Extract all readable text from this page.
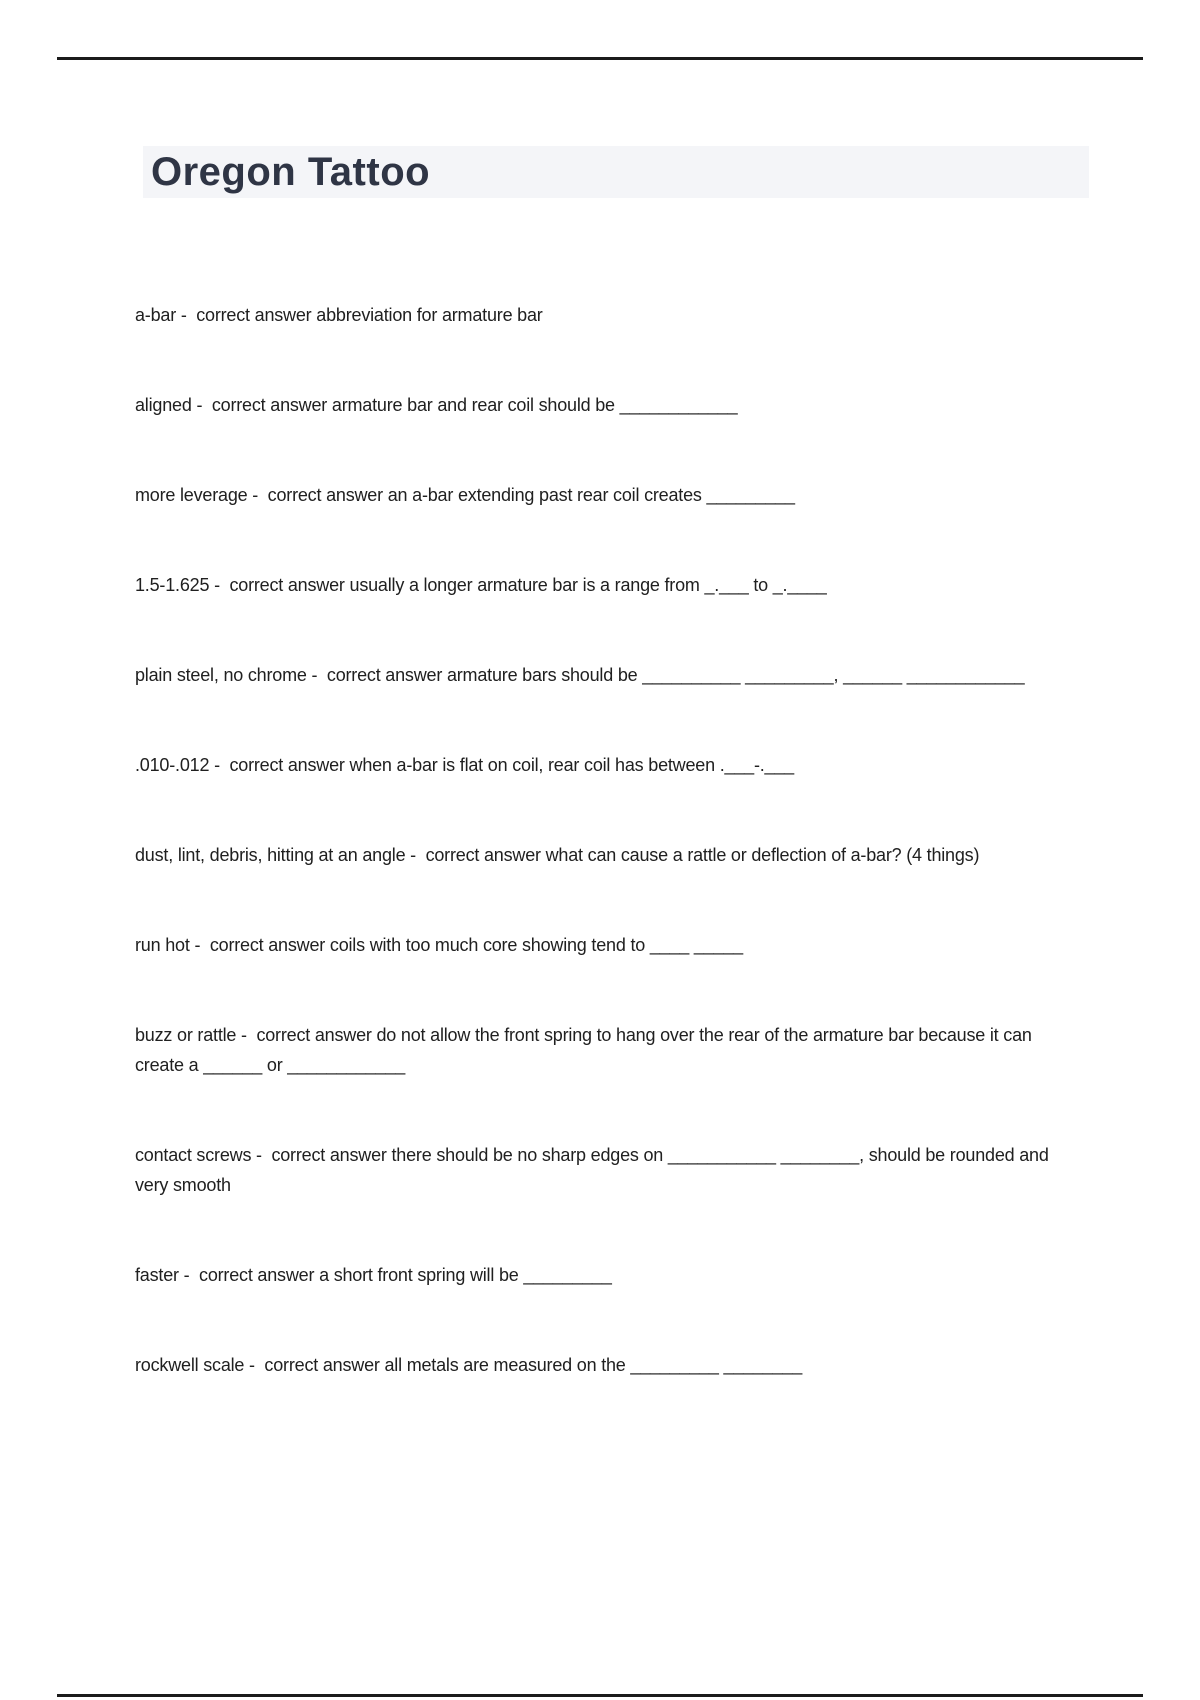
Oregon Tattoo

a-bar -  correct answer abbreviation for armature bar

aligned -  correct answer armature bar and rear coil should be ____________

more leverage -  correct answer an a-bar extending past rear coil creates _________

1.5-1.625 -  correct answer usually a longer armature bar is a range from _.___ to _.____

plain steel, no chrome -  correct answer armature bars should be __________ _________, ______ ____________

.010-.012 -  correct answer when a-bar is flat on coil, rear coil has between .___-.___

dust, lint, debris, hitting at an angle -  correct answer what can cause a rattle or deflection of a-bar? (4 things)

run hot -  correct answer coils with too much core showing tend to ____ _____

buzz or rattle -  correct answer do not allow the front spring to hang over the rear of the armature bar because it can create a ______ or ____________

contact screws -  correct answer there should be no sharp edges on ___________ ________, should be rounded and very smooth

faster -  correct answer a short front spring will be _________

rockwell scale -  correct answer all metals are measured on the _________ ________
